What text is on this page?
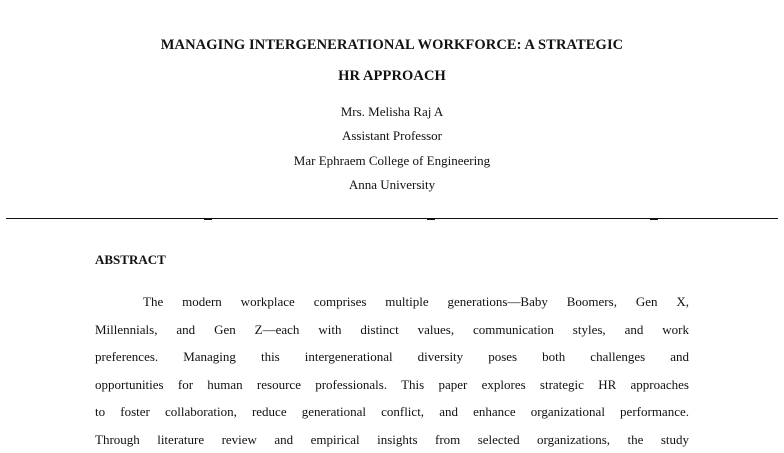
MANAGING INTERGENERATIONAL WORKFORCE: A STRATEGIC
HR APPROACH
Mrs. Melisha Raj A
Assistant Professor
Mar Ephraem College of Engineering
Anna University
ABSTRACT
The modern workplace comprises multiple generations—Baby Boomers, Gen X,
Millennials, and Gen Z—each with distinct values, communication styles, and work
preferences. Managing this intergenerational diversity poses both challenges and
opportunities for human resource professionals. This paper explores strategic HR approaches
to foster collaboration, reduce generational conflict, and enhance organizational performance.
Through literature review and empirical insights from selected organizations, the study
